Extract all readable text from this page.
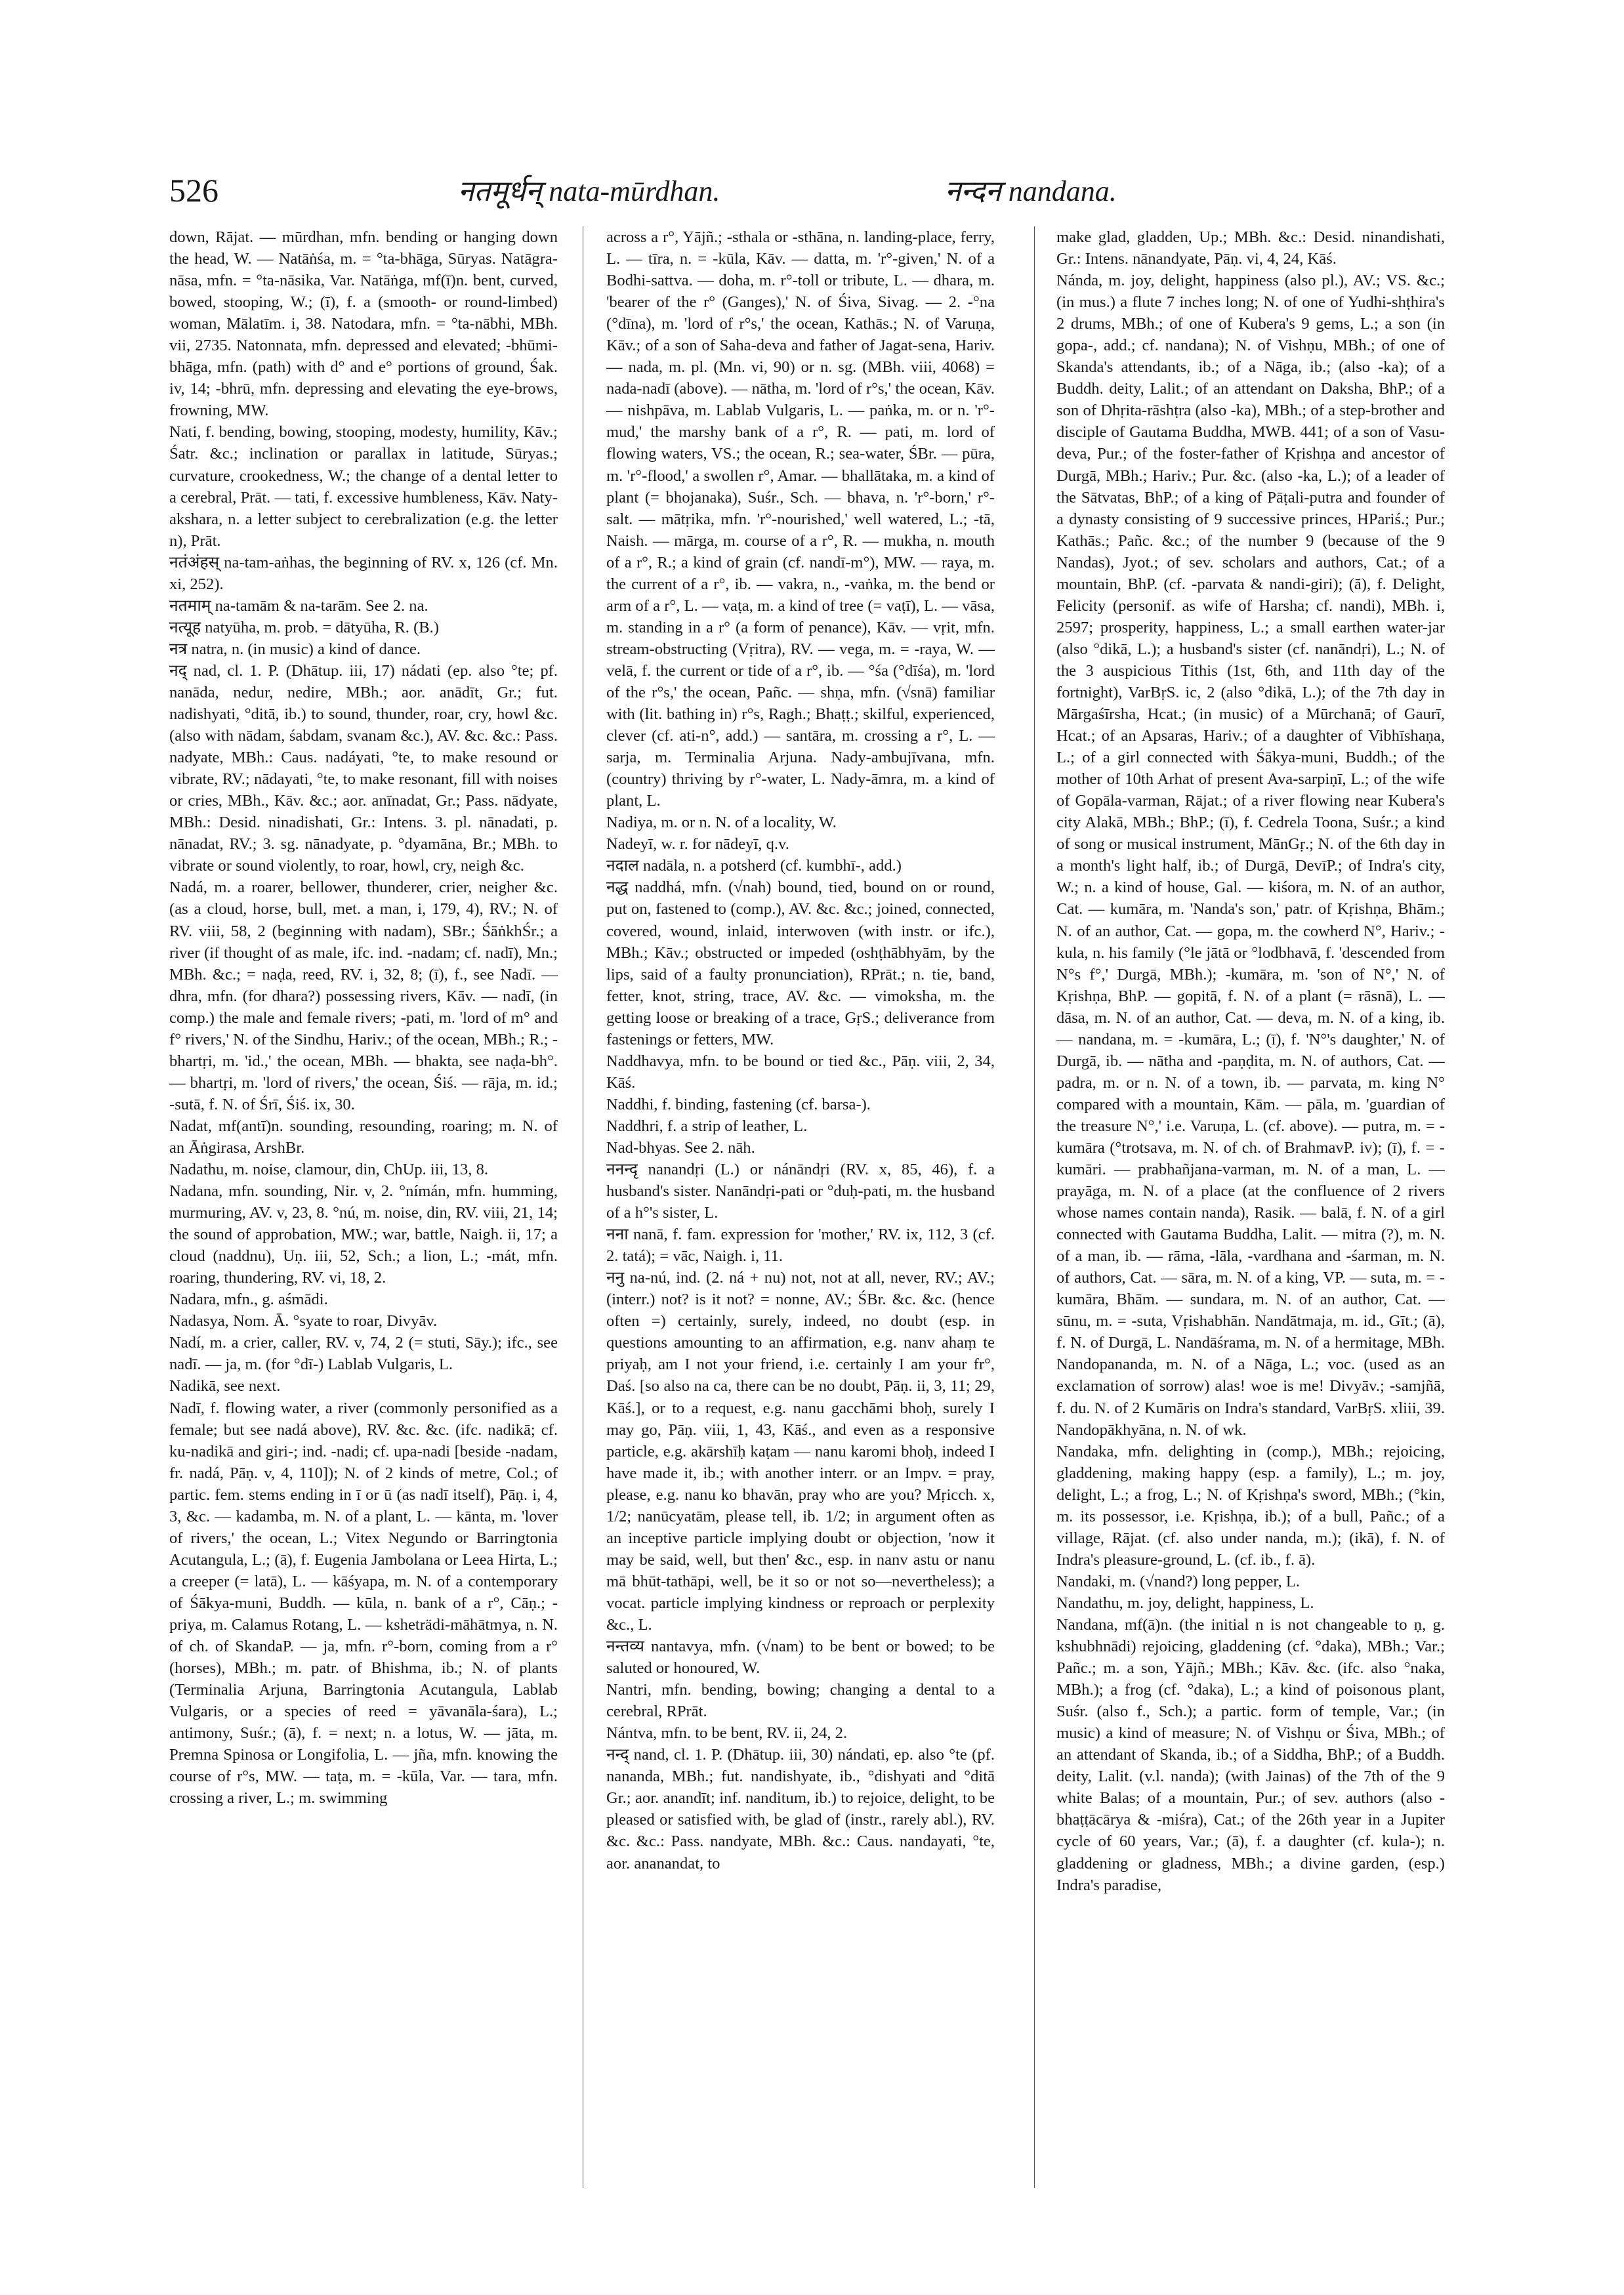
526	नतमूर्धन् nata-mūrdhan.	नन्दन nandana.

down, Rājat. — mūrdhan, mfn. bending or hanging down the head, W. — Natāṅśa, m. = °ta-bhāga, Sūryas. Natāgra-nāsa, mfn. = °ta-nāsika, Var. Natāṅga, mf(ī)n. bent, curved, bowed, stooping, W.; (ī), f. a (smooth- or round-limbed) woman, Mālatīm. i, 38. Natodara, mfn. = °ta-nābhi, MBh. vii, 2735. Natonnata, mfn. depressed and elevated; -bhūmi-bhāga, mfn. (path) with d° and e° portions of ground, Śak. iv, 14; -bhrū, mfn. depressing and elevating the eye-brows, frowning, MW.

Nati, f. bending, bowing, stooping, modesty, humility, Kāv.; Śatr. &c.; inclination or parallax in latitude, Sūryas.; curvature, crookedness, W.; the change of a dental letter to a cerebral, Prāt. — tati, f. excessive humbleness, Kāv. Naty-akshara, n. a letter subject to cerebralization (e.g. the letter n), Prāt.

नतंअंहस् na-tam-aṅhas, the beginning of RV. x, 126 (cf. Mn. xi, 252).

नतमाम् na-tamām & na-tarām. See 2. na.

नत्यूह natyūha, m. prob. = dātyūha, R. (B.)

नत्र natra, n. (in music) a kind of dance.

नद् nad, cl. 1. P. (Dhātup. iii, 17) nádati (ep. also °te; pf. nanāda, nedur, nedire, MBh.; aor. anādīt, Gr.; fut. nadishyati, °ditā, ib.) to sound, thunder, roar, cry, howl &c. (also with nādam, śabdam, svanam &c.), AV. &c. &c.: Pass. nadyate, MBh.: Caus. nadáyati, °te, to make resound or vibrate, RV.; nādayati, °te, to make resonant, fill with noises or cries, MBh., Kāv. &c.; aor. anīnadat, Gr.; Pass. nādyate, MBh.: Desid. ninadishati, Gr.: Intens. 3. pl. nānadati, p. nānadat, RV.; 3. sg. nānadyate, p. °dyamāna, Br.; MBh. to vibrate or sound violently, to roar, howl, cry, neigh &c.

Nadá, m. a roarer, bellower, thunderer, crier, neigher &c. (as a cloud, horse, bull, met. a man, i, 179, 4), RV.; N. of RV. viii, 58, 2 (beginning with nadam), SBr.; ŚāṅkhŚr.; a river (if thought of as male, ifc. ind. -nadam; cf. nadī), Mn.; MBh. &c.; = naḍa, reed, RV. i, 32, 8; (ī), f., see Nadī. — dhra, mfn. (for dhara?) possessing rivers, Kāv. — nadī, (in comp.) the male and female rivers; -pati, m. 'lord of m° and f° rivers,' N. of the Sindhu, Hariv.; of the ocean, MBh.; R.; -bhartṛi, m. 'id.,' the ocean, MBh. — bhakta, see naḍa-bh°. — bhartṛi, m. 'lord of rivers,' the ocean, Śiś. — rāja, m. id.; -sutā, f. N. of Śrī, Śiś. ix, 30.

Nadat, mf(antī)n. sounding, resounding, roaring; m. N. of an Āṅgirasa, ArshBr.

Nadathu, m. noise, clamour, din, ChUp. iii, 13, 8.

Nadana, mfn. sounding, Nir. v, 2. °nímán, mfn. humming, murmuring, AV. v, 23, 8. °nú, m. noise, din, RV. viii, 21, 14; the sound of approbation, MW.; war, battle, Naigh. ii, 17; a cloud (naddnu), Uṇ. iii, 52, Sch.; a lion, L.; -mát, mfn. roaring, thundering, RV. vi, 18, 2.

Nadara, mfn., g. aśmādi.

Nadasya, Nom. Ā. °syate to roar, Divyāv.

Nadí, m. a crier, caller, RV. v, 74, 2 (= stuti, Sāy.); ifc., see nadī. — ja, m. (for °dī-) Lablab Vulgaris, L.

Nadikā, see next.

Nadī, f. flowing water, a river (commonly personified as a female; but see nadá above), RV. &c. &c. (ifc. nadikā; cf. ku-nadikā and giri-; ind. -nadi; cf. upa-nadi [beside -nadam, fr. nadá, Pāṇ. v, 4, 110]); N. of 2 kinds of metre, Col.; of partic. fem. stems ending in ī or ū (as nadī itself), Pāṇ. i, 4, 3, &c. — kadamba, m. N. of a plant, L. — kānta, m. 'lover of rivers,' the ocean, L.; Vitex Negundo or Barringtonia Acutangula, L.; (ā), f. Eugenia Jambolana or Leea Hirta, L.; a creeper (= latā), L. — kāśyapa, m. N. of a contemporary of Śākya-muni, Buddh. — kūla, n. bank of a r°, Cāṇ.; -priya, m. Calamus Rotang, L. — ksheträdi-māhātmya, n. N. of ch. of SkandaP. — ja, mfn. r°-born, coming from a r° (horses), MBh.; m. patr. of Bhishma, ib.; N. of plants (Terminalia Arjuna, Barringtonia Acutangula, Lablab Vulgaris, or a species of reed = yāvanāla-śara), L.; antimony, Suśr.; (ā), f. = next; n. a lotus, W. — jāta, m. Premna Spinosa or Longifolia, L. — jña, mfn. knowing the course of r°s, MW. — taṭa, m. = -kūla, Var. — tara, mfn. crossing a river, L.; m. swimming

across a r°, Yājñ.; -sthala or -sthāna, n. landing-place, ferry, L. — tīra, n. = -kūla, Kāv. — datta, m. 'r°-given,' N. of a Bodhi-sattva. — doha, m. r°-toll or tribute, L. — dhara, m. 'bearer of the r° (Ganges),' N. of Śiva, Sivag. — 2. -°na (°dīna), m. 'lord of r°s,' the ocean, Kathās.; N. of Varuṇa, Kāv.; of a son of Saha-deva and father of Jagat-sena, Hariv. — nada, m. pl. (Mn. vi, 90) or n. sg. (MBh. viii, 4068) = nada-nadī (above). — nātha, m. 'lord of r°s,' the ocean, Kāv. — nishpāva, m. Lablab Vulgaris, L. — paṅka, m. or n. 'r°-mud,' the marshy bank of a r°, R. — pati, m. lord of flowing waters, VS.; the ocean, R.; sea-water, ŚBr. — pūra, m. 'r°-flood,' a swollen r°, Amar. — bhallātaka, m. a kind of plant (= bhojanaka), Suśr., Sch. — bhava, n. 'r°-born,' r°-salt. — mātṛika, mfn. 'r°-nourished,' well watered, L.; -tā, Naish. — mārga, m. course of a r°, R. — mukha, n. mouth of a r°, R.; a kind of grain (cf. nandī-m°), MW. — raya, m. the current of a r°, ib. — vakra, n., -vaṅka, m. the bend or arm of a r°, L. — vaṭa, m. a kind of tree (= vaṭī), L. — vāsa, m. standing in a r° (a form of penance), Kāv. — vṛit, mfn. stream-obstructing (Vṛitra), RV. — vega, m. = -raya, W. — velā, f. the current or tide of a r°, ib. — °śa (°dīśa), m. 'lord of the r°s,' the ocean, Pañc. — shṇa, mfn. (√snā) familiar with (lit. bathing in) r°s, Ragh.; Bhaṭṭ.; skilful, experienced, clever (cf. ati-n°, add.) — santāra, m. crossing a r°, L. — sarja, m. Terminalia Arjuna. Nady-ambujīvana, mfn. (country) thriving by r°-water, L. Nady-āmra, m. a kind of plant, L.

Nadiya, m. or n. N. of a locality, W.

Nadeyī, w. r. for nādeyī, q.v.

नदाल nadāla, n. a potsherd (cf. kumbhī-, add.)

नद्ध naddhá, mfn. (√nah) bound, tied, bound on or round, put on, fastened to (comp.), AV. &c. &c.; joined, connected, covered, wound, inlaid, interwoven (with instr. or ifc.), MBh.; Kāv.; obstructed or impeded (oshṭhābhyām, by the lips, said of a faulty pronunciation), RPrāt.; n. tie, band, fetter, knot, string, trace, AV. &c. — vimoksha, m. the getting loose or breaking of a trace, GṛS.; deliverance from fastenings or fetters, MW.

Naddhavya, mfn. to be bound or tied &c., Pāṇ. viii, 2, 34, Kāś.

Naddhi, f. binding, fastening (cf. barsa-).

Naddhri, f. a strip of leather, L.

Nad-bhyas. See 2. nāh.

ननन्दृ nanandṛi (L.) or nánāndṛi (RV. x, 85, 46), f. a husband's sister. Nanāndṛi-pati or °duḥ-pati, m. the husband of a h°'s sister, L.

नना nanā, f. fam. expression for 'mother,' RV. ix, 112, 3 (cf. 2. tatá); = vāc, Naigh. i, 11.

ननु na-nú, ind. (2. ná + nu) not, not at all, never, RV.; AV.; (interr.) not? is it not? = nonne, AV.; ŚBr. &c. &c. (hence often =) certainly, surely, indeed, no doubt (esp. in questions amounting to an affirmation, e.g. nanv ahaṃ te priyaḥ, am I not your friend, i.e. certainly I am your fr°, Daś. [so also na ca, there can be no doubt, Pāṇ. ii, 3, 11; 29, Kāś.], or to a request, e.g. nanu gacchāmi bhoḥ, surely I may go, Pāṇ. viii, 1, 43, Kāś., and even as a responsive particle, e.g. akārshīḥ kaṭam — nanu karomi bhoḥ, indeed I have made it, ib.; with another interr. or an Impv. = pray, please, e.g. nanu ko bhavān, pray who are you? Mṛicch. x, 1/2; nanūcyatām, please tell, ib. 1/2; in argument often as an inceptive particle implying doubt or objection, 'now it may be said, well, but then' &c., esp. in nanv astu or nanu mā bhūt-tathāpi, well, be it so or not so—nevertheless); a vocat. particle implying kindness or reproach or perplexity &c., L.

नन्तव्य nantavya, mfn. (√nam) to be bent or bowed; to be saluted or honoured, W.

Nantri, mfn. bending, bowing; changing a dental to a cerebral, RPrāt.

Nántva, mfn. to be bent, RV. ii, 24, 2.

नन्द् nand, cl. 1. P. (Dhātup. iii, 30) nándati, ep. also °te (pf. nananda, MBh.; fut. nandishyate, ib., °dishyati and °ditā Gr.; aor. anandīt; inf. nanditum, ib.) to rejoice, delight, to be pleased or satisfied with, be glad of (instr., rarely abl.), RV. &c. &c.: Pass. nandyate, MBh. &c.: Caus. nandayati, °te, aor. ananandat, to

make glad, gladden, Up.; MBh. &c.: Desid. ninandishati, Gr.: Intens. nānandyate, Pāṇ. vi, 4, 24, Kāś.

Nánda, m. joy, delight, happiness (also pl.), AV.; VS. &c.; (in mus.) a flute 7 inches long; N. of one of Yudhi-shṭhira's 2 drums, MBh.; of one of Kubera's 9 gems, L.; a son (in gopa-, add.; cf. nandana); N. of Vishṇu, MBh.; of one of Skanda's attendants, ib.; of a Nāga, ib.; (also -ka); of a Buddh. deity, Lalit.; of an attendant on Daksha, BhP.; of a son of Dhṛita-rāshṭra (also -ka), MBh.; of a step-brother and disciple of Gautama Buddha, MWB. 441; of a son of Vasu-deva, Pur.; of the foster-father of Kṛishṇa and ancestor of Durgā, MBh.; Hariv.; Pur. &c. (also -ka, L.); of a leader of the Sātvatas, BhP.; of a king of Pāṭali-putra and founder of a dynasty consisting of 9 successive princes, HPariś.; Pur.; Kathās.; Pañc. &c.; of the number 9 (because of the 9 Nandas), Jyot.; of sev. scholars and authors, Cat.; of a mountain, BhP. (cf. -parvata & nandi-giri); (ā), f. Delight, Felicity (personif. as wife of Harsha; cf. nandi), MBh. i, 2597; prosperity, happiness, L.; a small earthen water-jar (also °dikā, L.); a husband's sister (cf. nanāndṛi), L.; N. of the 3 auspicious Tithis (1st, 6th, and 11th day of the fortnight), VarBṛS. ic, 2 (also °dikā, L.); of the 7th day in Mārgaśīrsha, Hcat.; (in music) of a Mūrchanā; of Gaurī, Hcat.; of an Apsaras, Hariv.; of a daughter of Vibhīshaṇa, L.; of a girl connected with Śākya-muni, Buddh.; of the mother of 10th Arhat of present Ava-sarpiṇī, L.; of the wife of Gopāla-varman, Rājat.; of a river flowing near Kubera's city Alakā, MBh.; BhP.; (ī), f. Cedrela Toona, Suśr.; a kind of song or musical instrument, MānGṛ.; N. of the 6th day in a month's light half, ib.; of Durgā, DevīP.; of Indra's city, W.; n. a kind of house, Gal. — kiśora, m. N. of an author, Cat. — kumāra, m. 'Nanda's son,' patr. of Kṛishṇa, Bhām.; N. of an author, Cat. — gopa, m. the cowherd N°, Hariv.; -kula, n. his family (°le jātā or °lodbhavā, f. 'descended from N°s f°,' Durgā, MBh.); -kumāra, m. 'son of N°,' N. of Kṛishṇa, BhP. — gopitā, f. N. of a plant (= rāsnā), L. — dāsa, m. N. of an author, Cat. — deva, m. N. of a king, ib. — nandana, m. = -kumāra, L.; (ī), f. 'N°'s daughter,' N. of Durgā, ib. — nātha and -paṇḍita, m. N. of authors, Cat. — padra, m. or n. N. of a town, ib. — parvata, m. king N° compared with a mountain, Kām. — pāla, m. 'guardian of the treasure N°,' i.e. Varuṇa, L. (cf. above). — putra, m. = -kumāra (°trotsava, m. N. of ch. of BrahmavP. iv); (ī), f. = -kumāri. — prabhañjana-varman, m. N. of a man, L. — prayāga, m. N. of a place (at the confluence of 2 rivers whose names contain nanda), Rasik. — balā, f. N. of a girl connected with Gautama Buddha, Lalit. — mitra (?), m. N. of a man, ib. — rāma, -lāla, -vardhana and -śarman, m. N. of authors, Cat. — sāra, m. N. of a king, VP. — suta, m. = -kumāra, Bhām. — sundara, m. N. of an author, Cat. — sūnu, m. = -suta, Vṛishabhān. Nandātmaja, m. id., Gīt.; (ā), f. N. of Durgā, L. Nandāśrama, m. N. of a hermitage, MBh. Nandopananda, m. N. of a Nāga, L.; voc. (used as an exclamation of sorrow) alas! woe is me! Divyāv.; -samjñā, f. du. N. of 2 Kumāris on Indra's standard, VarBṛS. xliii, 39. Nandopākhyāna, n. N. of wk.

Nandaka, mfn. delighting in (comp.), MBh.; rejoicing, gladdening, making happy (esp. a family), L.; m. joy, delight, L.; a frog, L.; N. of Kṛishṇa's sword, MBh.; (°kin, m. its possessor, i.e. Kṛishṇa, ib.); of a bull, Pañc.; of a village, Rājat. (cf. also under nanda, m.); (ikā), f. N. of Indra's pleasure-ground, L. (cf. ib., f. ā).

Nandaki, m. (√nand?) long pepper, L.

Nandathu, m. joy, delight, happiness, L.

Nandana, mf(ā)n. (the initial n is not changeable to ṇ, g. kshubhnādi) rejoicing, gladdening (cf. °daka), MBh.; Var.; Pañc.; m. a son, Yājñ.; MBh.; Kāv. &c. (ifc. also °naka, MBh.); a frog (cf. °daka), L.; a kind of poisonous plant, Suśr. (also f., Sch.); a partic. form of temple, Var.; (in music) a kind of measure; N. of Vishṇu or Śiva, MBh.; of an attendant of Skanda, ib.; of a Siddha, BhP.; of a Buddh. deity, Lalit. (v.l. nanda); (with Jainas) of the 7th of the 9 white Balas; of a mountain, Pur.; of sev. authors (also -bhaṭṭācārya & -miśra), Cat.; of the 26th year in a Jupiter cycle of 60 years, Var.; (ā), f. a daughter (cf. kula-); n. gladdening or gladness, MBh.; a divine garden, (esp.) Indra's paradise,
